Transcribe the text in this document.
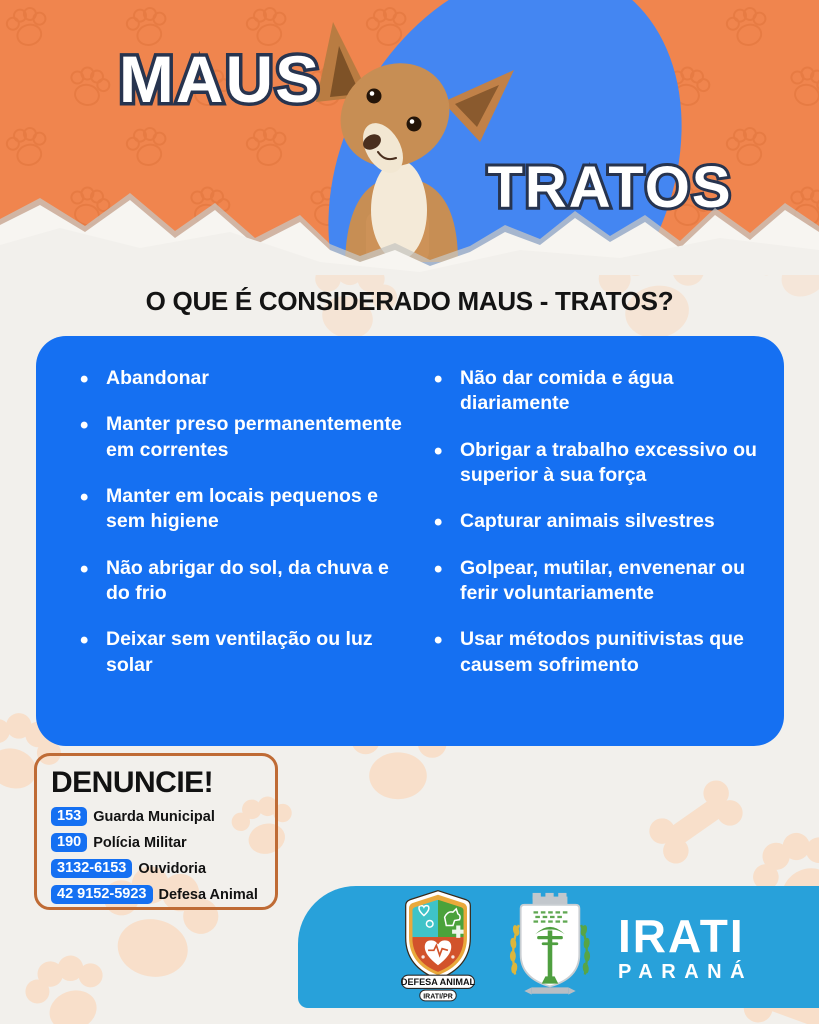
MAUS
TRATOS
O QUE É CONSIDERADO MAUS - TRATOS?
• Abandonar
• Manter preso permanentemente em correntes
• Manter em locais pequenos e sem higiene
• Não abrigar do sol, da chuva e do frio
• Deixar sem ventilação ou luz solar
• Não dar comida e água diariamente
• Obrigar a trabalho excessivo ou superior à sua força
• Capturar animais silvestres
• Golpear, mutilar, envenenar ou ferir voluntariamente
• Usar métodos punitivistas que causem sofrimento
DENUNCIE!
153 Guarda Municipal
190 Polícia Militar
3132-6153 Ouvidoria
42 9152-5923 Defesa Animal
DEFESA ANIMAL
IRATI/PR
IRATI
PARANÁ
